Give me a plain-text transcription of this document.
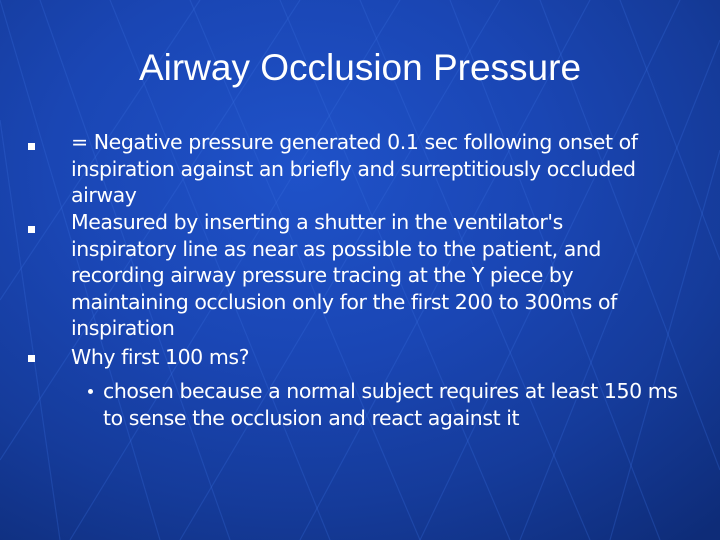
Airway Occlusion Pressure
= Negative pressure generated 0.1 sec following onset of inspiration against an briefly and surreptitiously occluded airway
Measured by inserting a shutter in the ventilator's inspiratory line as near as possible to the patient, and recording airway pressure tracing at the Y piece by maintaining occlusion only for the first 200 to 300ms of inspiration
Why first 100 ms?
chosen because a normal subject requires at least 150 ms to sense the occlusion and react against it
